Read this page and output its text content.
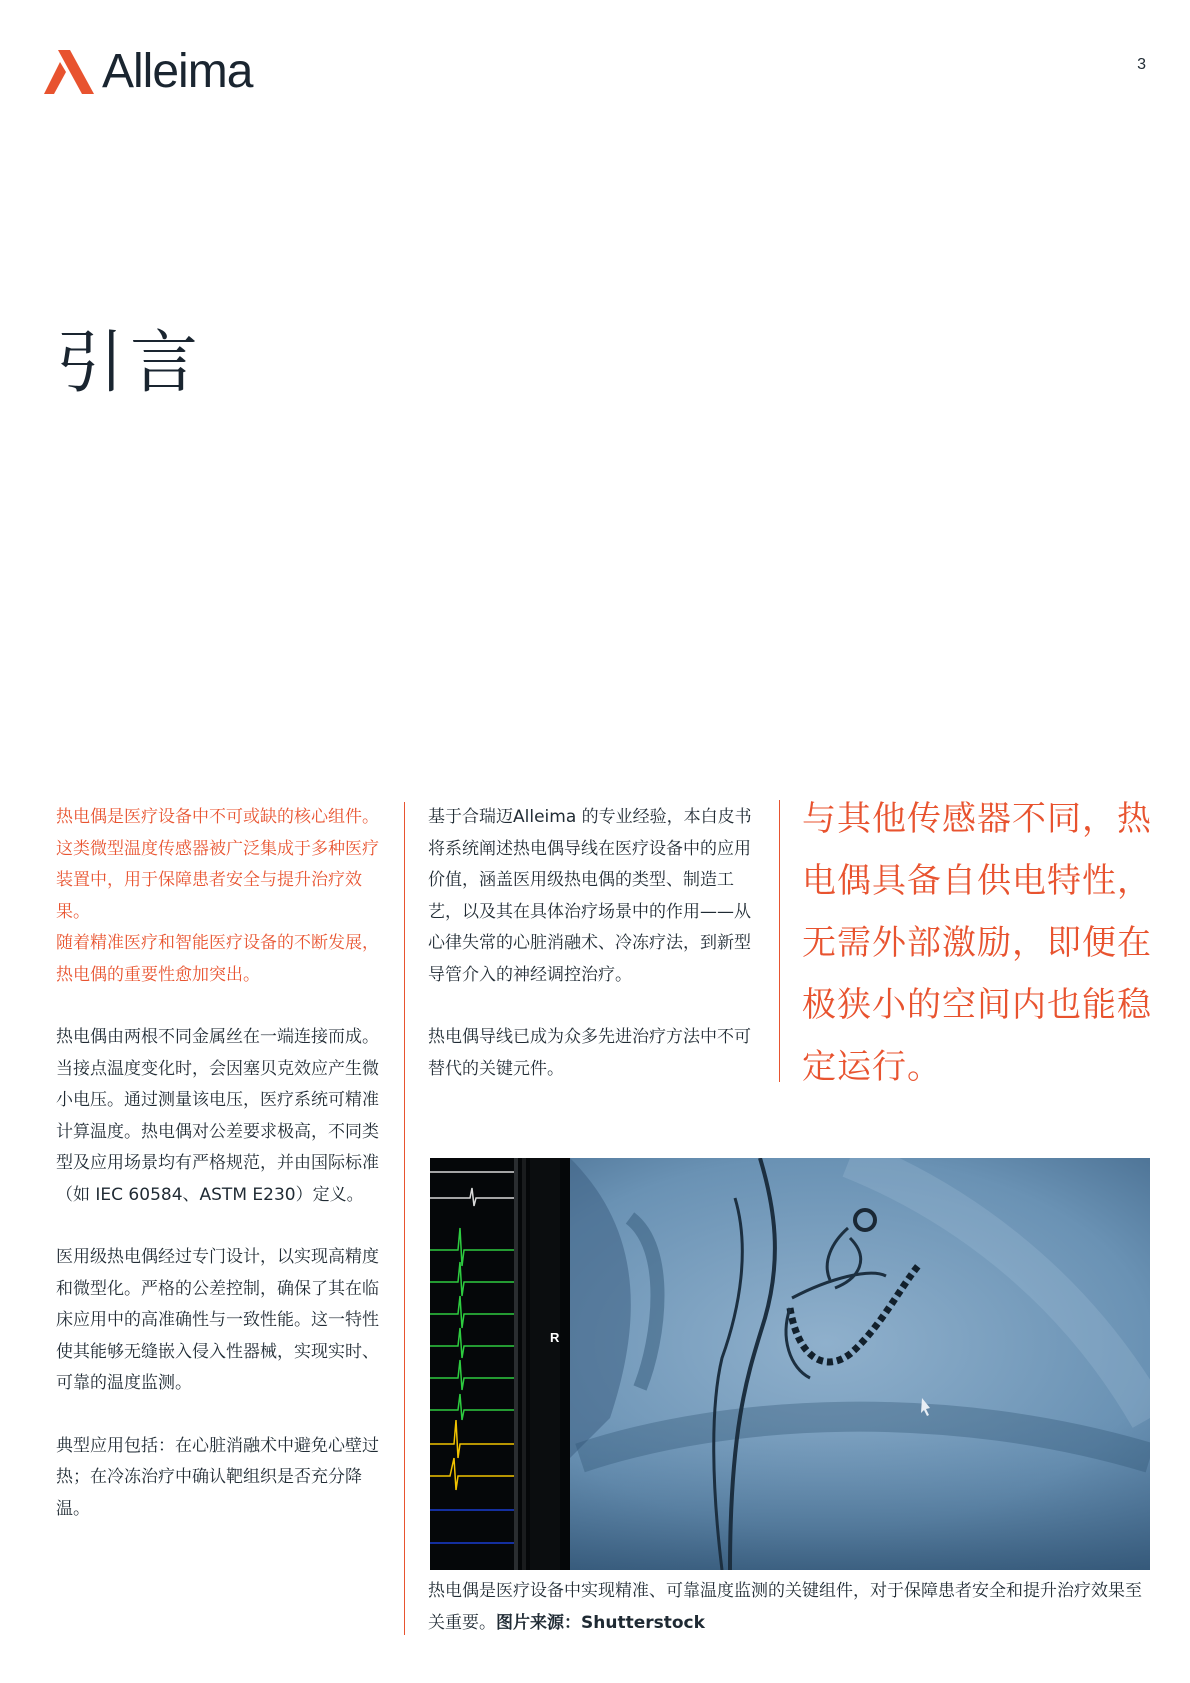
Alleima	3
引言

热电偶是医疗设备中不可或缺的核心组件。这类微型温度传感器被广泛集成于多种医疗装置中，用于保障患者安全与提升治疗效果。

随着精准医疗和智能医疗设备的不断发展，热电偶的重要性愈加突出。

热电偶由两根不同金属丝在一端连接而成。当接点温度变化时，会因塞贝克效应产生微小电压。通过测量该电压，医疗系统可精准计算温度。热电偶对公差要求极高，不同类型及应用场景均有严格规范，并由国际标准（如 IEC 60584、ASTM E230）定义。

医用级热电偶经过专门设计，以实现高精度和微型化。严格的公差控制，确保了其在临床应用中的高准确性与一致性能。这一特性使其能够无缝嵌入侵入性器械，实现实时、可靠的温度监测。

典型应用包括：在心脏消融术中避免心壁过热；在冷冻治疗中确认靶组织是否充分降温。

基于合瑞迈Alleima 的专业经验，本白皮书将系统阐述热电偶导线在医疗设备中的应用价值，涵盖医用级热电偶的类型、制造工艺，以及其在具体治疗场景中的作用——从心律失常的心脏消融术、冷冻疗法，到新型导管介入的神经调控治疗。

热电偶导线已成为众多先进治疗方法中不可替代的关键元件。

与其他传感器不同，热电偶具备自供电特性，无需外部激励，即便在极狭小的空间内也能稳定运行。
R
热电偶是医疗设备中实现精准、可靠温度监测的关键组件，对于保障患者安全和提升治疗效果至关重要。图片来源：Shutterstock
